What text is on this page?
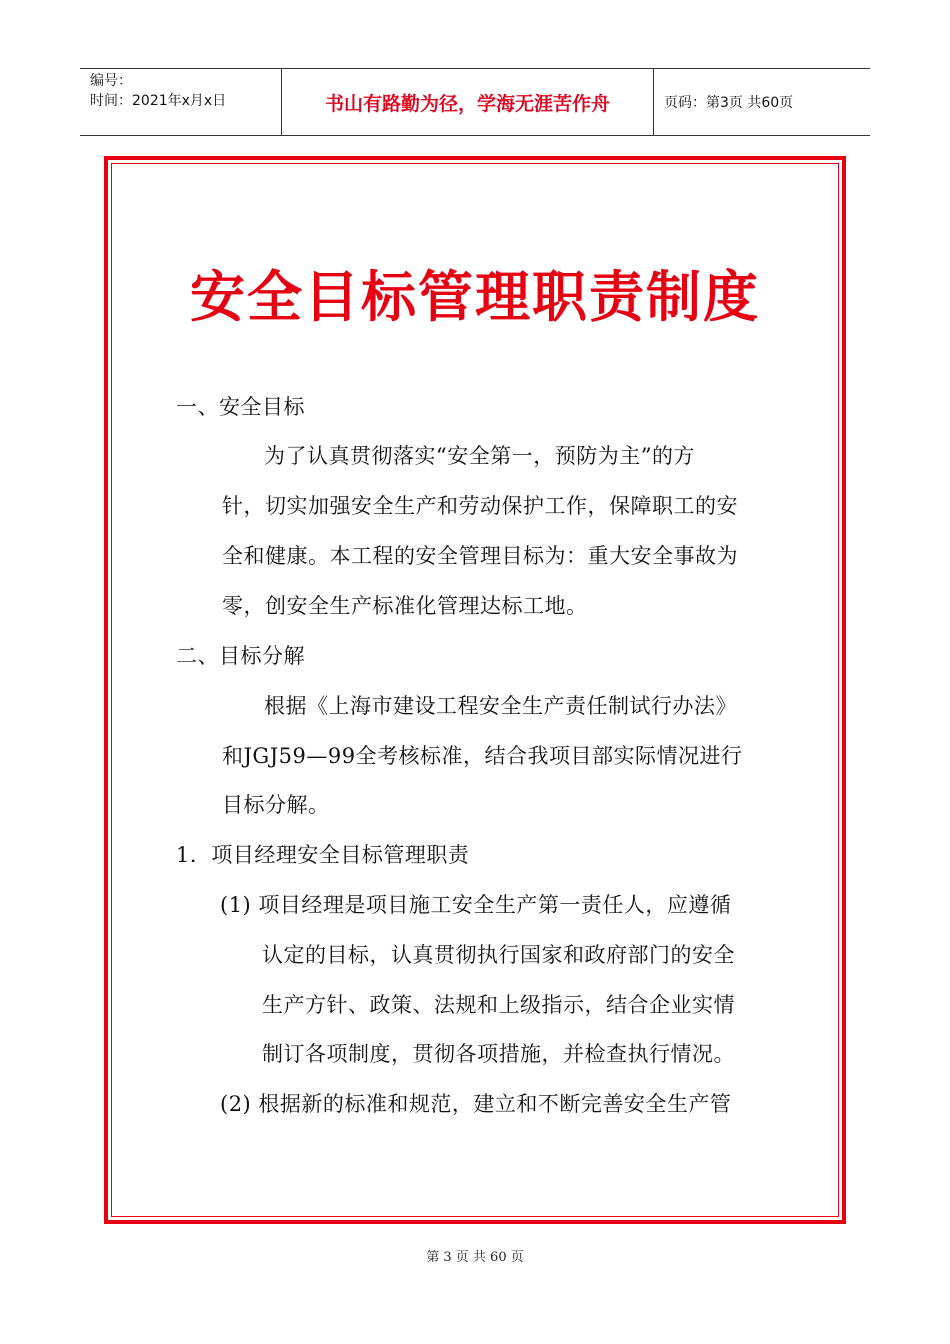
编号：
时间：2021年x月x日	书山有路勤为径，学海无涯苦作舟	页码：第3页 共60页
安全目标管理职责制度
一、安全目标
为了认真贯彻落实“安全第一，预防为主”的方
针，切实加强安全生产和劳动保护工作，保障职工的安
全和健康。本工程的安全管理目标为：重大安全事故为
零，创安全生产标准化管理达标工地。
二、目标分解
根据《上海市建设工程安全生产责任制试行办法》
和JGJ59—99全考核标准，结合我项目部实际情况进行
目标分解。
1．项目经理安全目标管理职责
(1) 项目经理是项目施工安全生产第一责任人，应遵循
认定的目标，认真贯彻执行国家和政府部门的安全
生产方针、政策、法规和上级指示，结合企业实情
制订各项制度，贯彻各项措施，并检查执行情况。
(2) 根据新的标准和规范，建立和不断完善安全生产管
第 3 页 共 60 页
